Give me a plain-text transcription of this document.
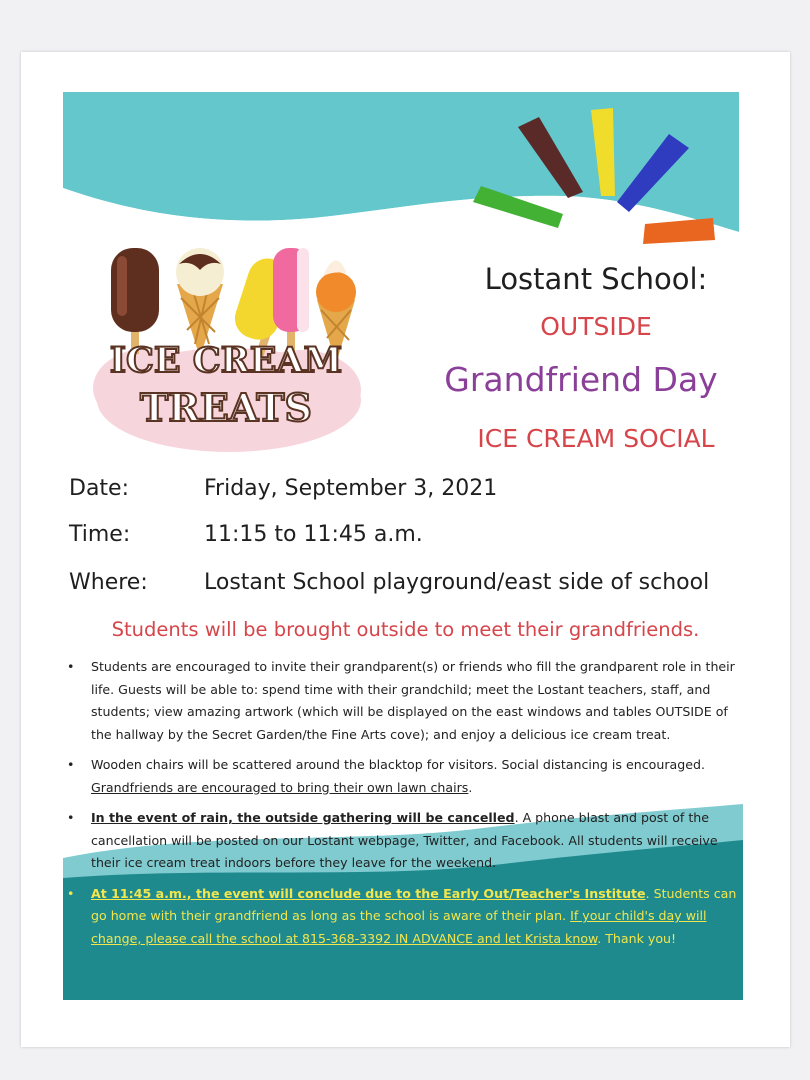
ICE CREAM
TREATS
Lostant School:
OUTSIDE
Grandfriend Day
ICE CREAM SOCIAL
Date:	Friday, September 3, 2021
Time:	11:15 to 11:45 a.m.
Where:	Lostant School playground/east side of school
Students will be brought outside to meet their grandfriends.
• Students are encouraged to invite their grandparent(s) or friends who fill the grandparent role in their life. Guests will be able to: spend time with their grandchild; meet the Lostant teachers, staff, and students; view amazing artwork (which will be displayed on the east windows and tables OUTSIDE of the hallway by the Secret Garden/the Fine Arts cove); and enjoy a delicious ice cream treat.
• Wooden chairs will be scattered around the blacktop for visitors. Social distancing is encouraged. Grandfriends are encouraged to bring their own lawn chairs.
• In the event of rain, the outside gathering will be cancelled. A phone blast and post of the cancellation will be posted on our Lostant webpage, Twitter, and Facebook. All students will receive their ice cream treat indoors before they leave for the weekend.
• At 11:45 a.m., the event will conclude due to the Early Out/Teacher's Institute. Students can go home with their grandfriend as long as the school is aware of their plan. If your child's day will change, please call the school at 815-368-3392 IN ADVANCE and let Krista know. Thank you!
